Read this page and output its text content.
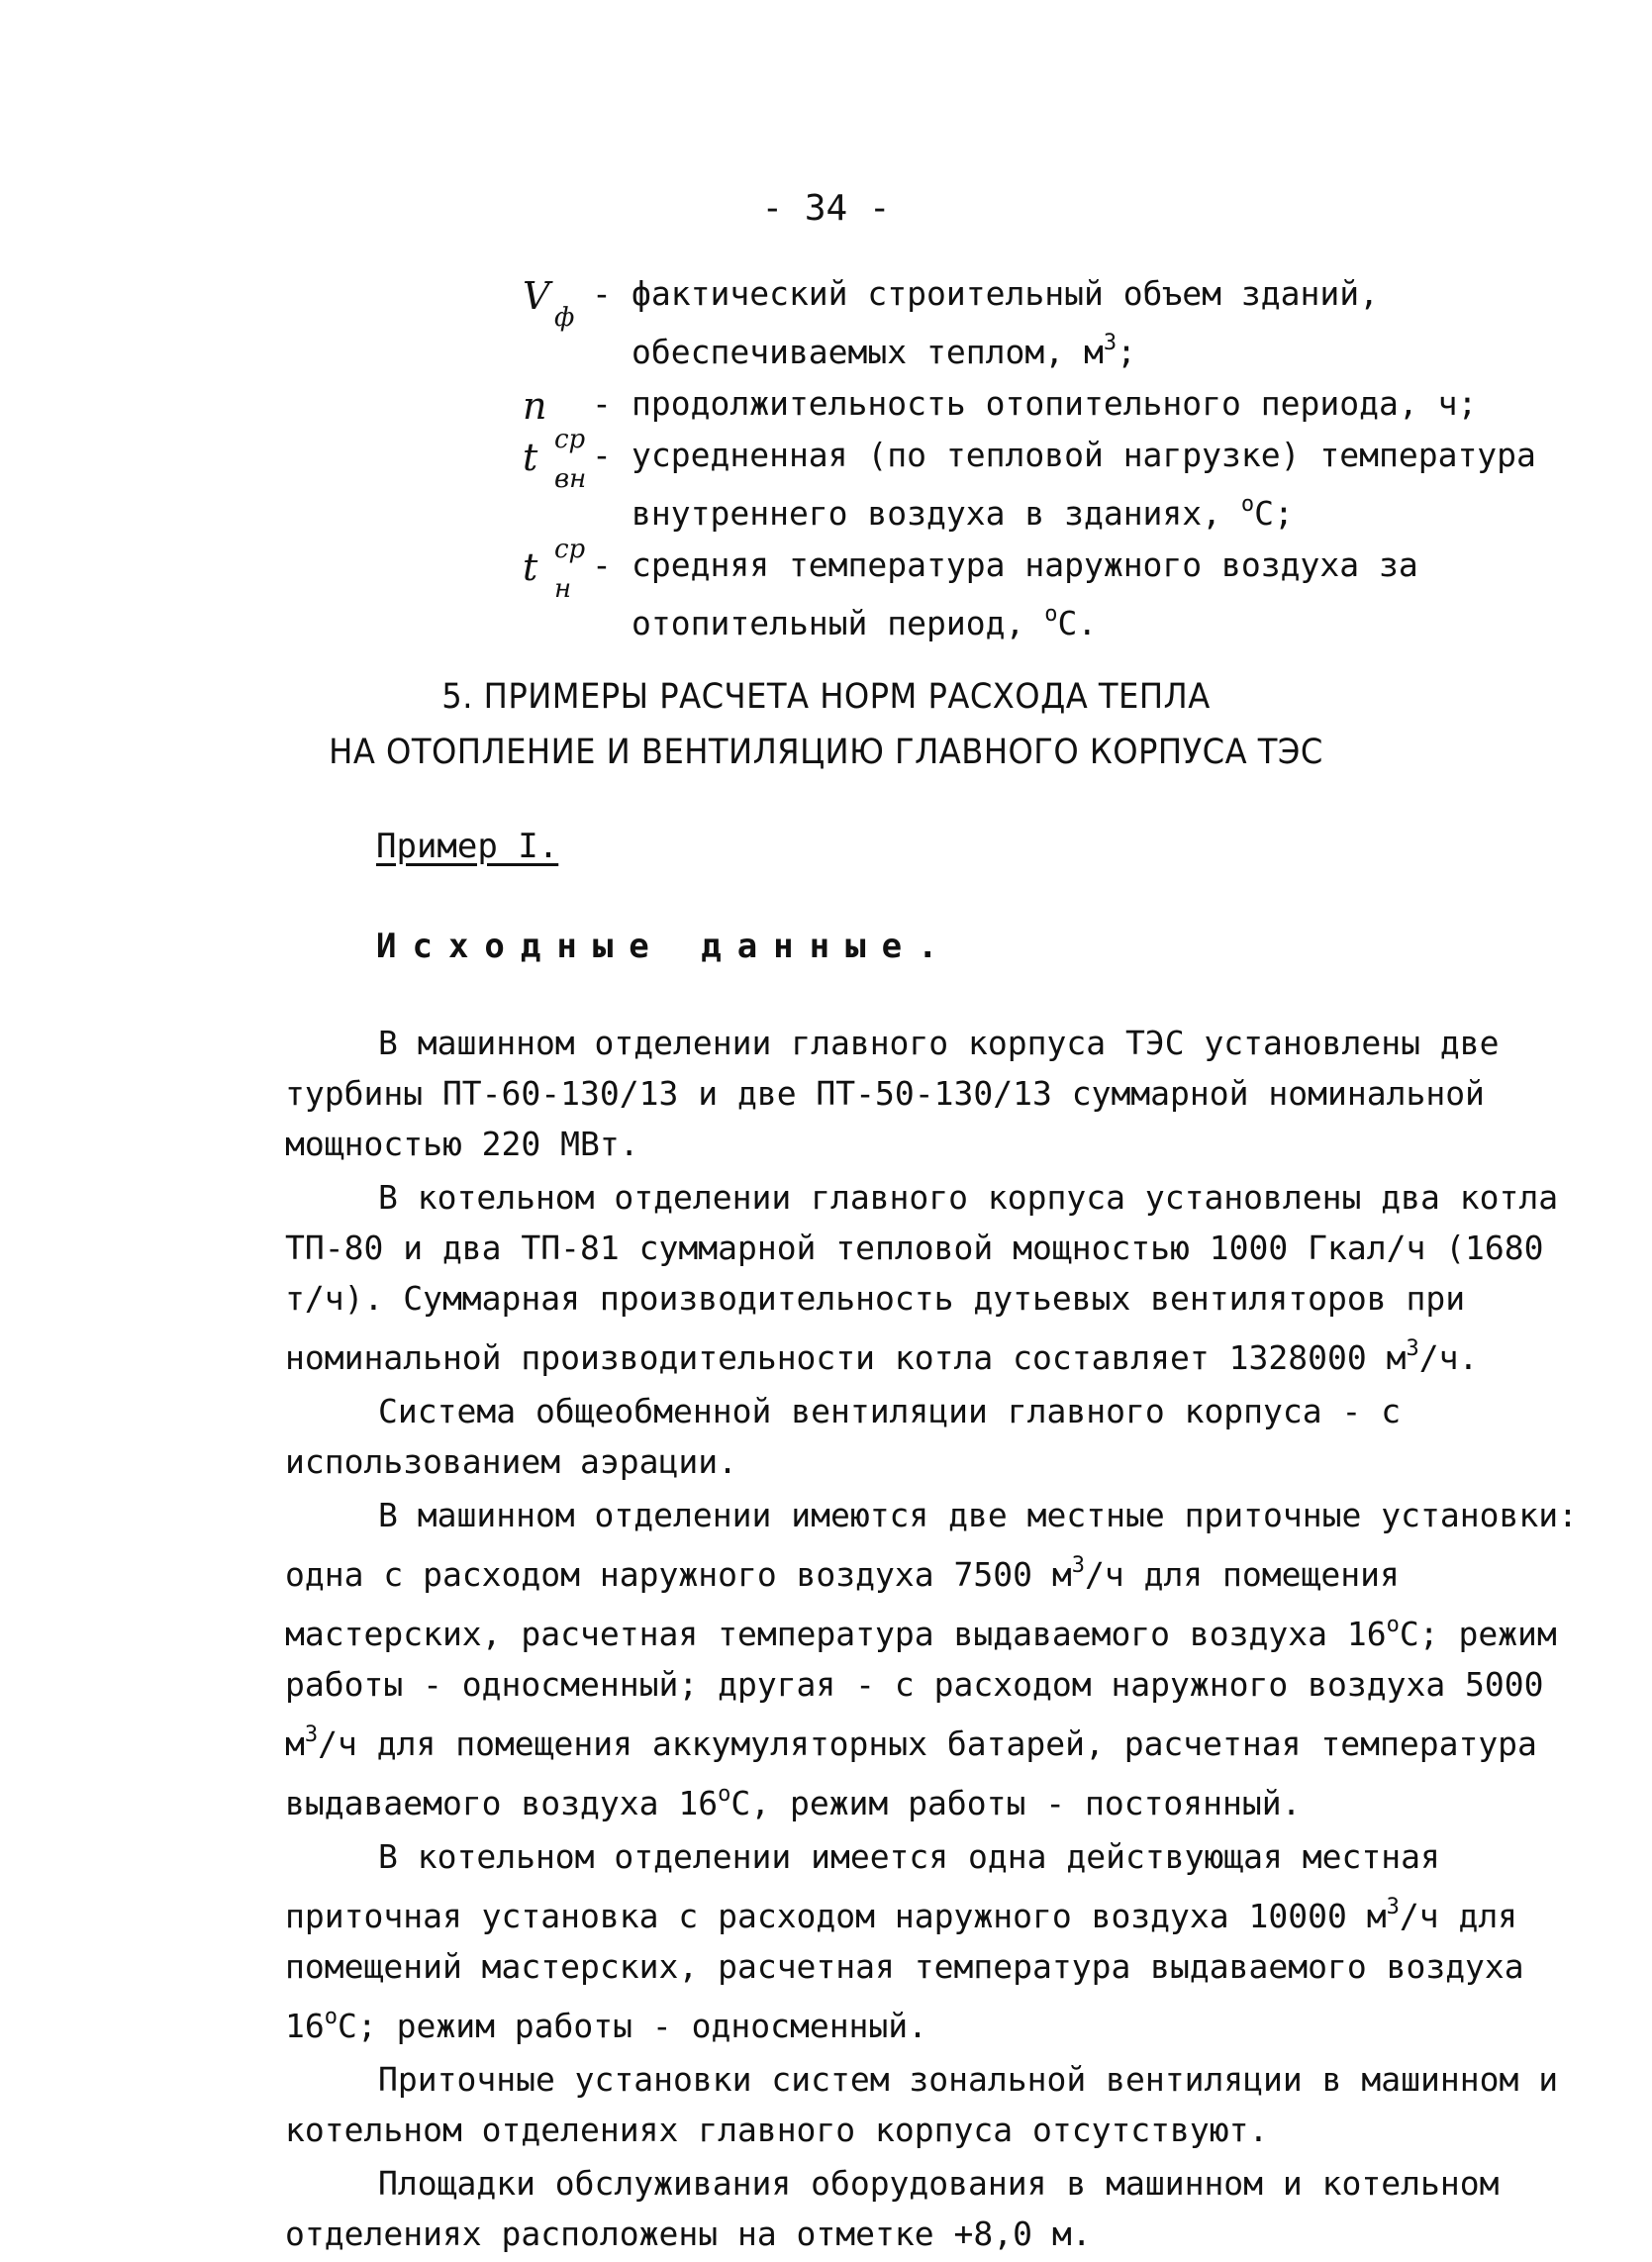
- 34 -
V ф
- фактический строительный объем зданий, обеспечиваемых теплом, $м^3$;
n - продолжительность отопительного периода, ч;
t ср
вн
- усредненная (по тепловой нагрузке) температура внутреннего воздуха в зданиях, $^о$С;
t ср
н
- средняя температура наружного воздуха за отопительный период, $^о$С.
5. ПРИМЕРЫ РАСЧЕТА НОРМ РАСХОДА ТЕПЛА
НА ОТОПЛЕНИЕ И ВЕНТИЛЯЦИЮ ГЛАВНОГО КОРПУСА ТЭС
Пример I.
Исходные данные.

В машинном отделении главного корпуса ТЭС установлены две турбины ПТ-60-130/13 и две ПТ-50-130/13 суммарной номинальной мощностью 220 МВт.

В котельном отделении главного корпуса установлены два котла ТП-80 и два ТП-81 суммарной тепловой мощностью 1000 Гкал/ч (1680 т/ч). Суммарная производительность дутьевых вентиляторов при номинальной производительности котла составляет 1328000 $м^3/ч$.

Система общеобменной вентиляции главного корпуса - с использованием аэрации.

В машинном отделении имеются две местные приточные установки: одна с расходом наружного воздуха 7500 $м^3/ч$ для помещения мастерских, расчетная температура выдаваемого воздуха $16^оС$; режим работы - односменный; другая - с расходом наружного воздуха 5000 $м^3/ч$ для помещения аккумуляторных батарей, расчетная температура выдаваемого воздуха $16^оС$, режим работы - постоянный.

В котельном отделении имеется одна действующая местная приточная установка с расходом наружного воздуха 10000 $м^3/ч$ для помещений мастерских, расчетная температура выдаваемого воздуха $16^оС$; режим работы - односменный.

Приточные установки систем зональной вентиляции в машинном и котельном отделениях главного корпуса отсутствуют.

Площадки обслуживания оборудования в машинном и котельном отделениях расположены на отметке +8,0 м.
